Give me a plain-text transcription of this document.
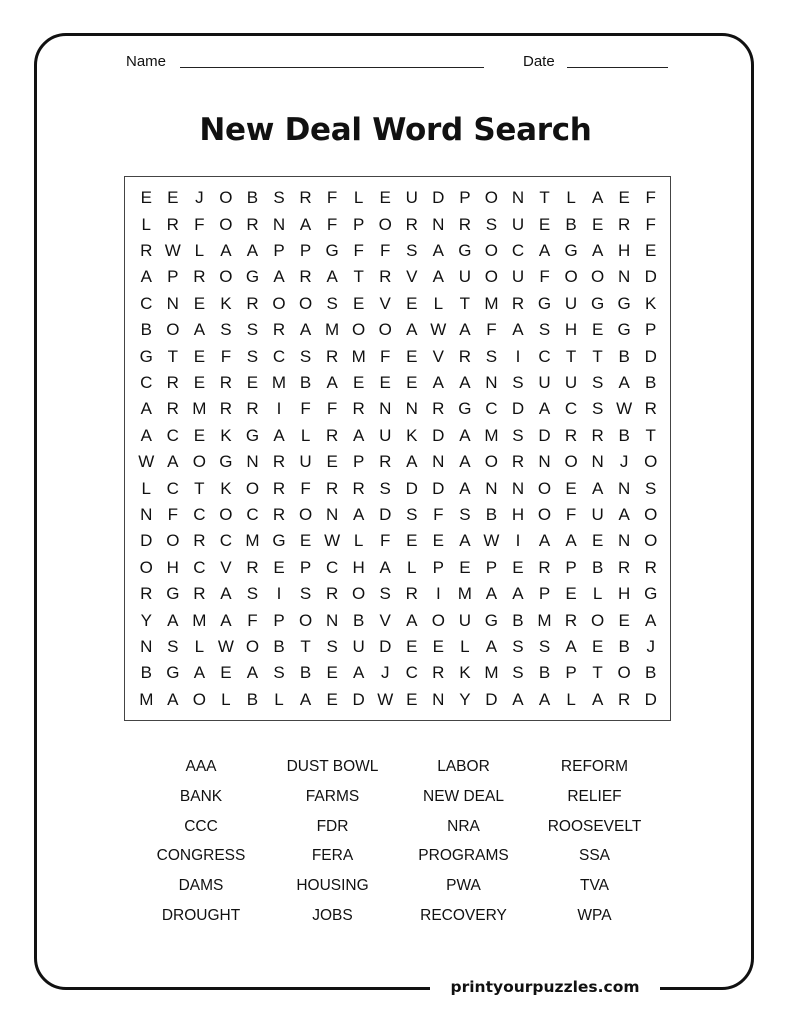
Name	Date
New Deal Word Search
E E J O B S R F L E U D P O N T L A E F
L R F O R N A F P O R N R S U E B E R F
R W L A A P P G F F S A G O C A G A H E
A P R O G A R A T R V A U O U F O O N D
C N E K R O O S E V E L T M R G U G G K
B O A S S R A M O O A W A F A S H E G P
G T E F S C S R M F E V R S	I	C T T B D
C R E R E M B A E E E A A N S U U S A B
A R M R R	I	F F R N N R G C D A C S W R
A C E K G A L R A U K D A M S D R R B T
W A O G N R U E P R A N A O R N O N J O
L C T K O R F R R S D D A N N O E A N S
N F C O C R O N A D S F S B H O F U A O
D O R C M G E W L F E E A W I	A A E N O
O H C V R E P C H A L P E P E R P B R R
R G R A S	I	S R O S R	I	M A A P E L H G
Y A M A F P O N B V A O U G B M R O E A
N S L W O B T S U D E E L A S S A E B J
B G A E A S B E A J C R K M S B P T O B
M A O L B L A E D W E N Y D A A L A R D
AAA	DUST BOWL	LABOR	REFORM
BANK	FARMS	NEW DEAL	RELIEF
CCC	FDR	NRA	ROOSEVELT
CONGRESS	FERA	PROGRAMS	SSA
DAMS	HOUSING	PWA	TVA
DROUGHT	JOBS	RECOVERY	WPA
printyourpuzzles.com
